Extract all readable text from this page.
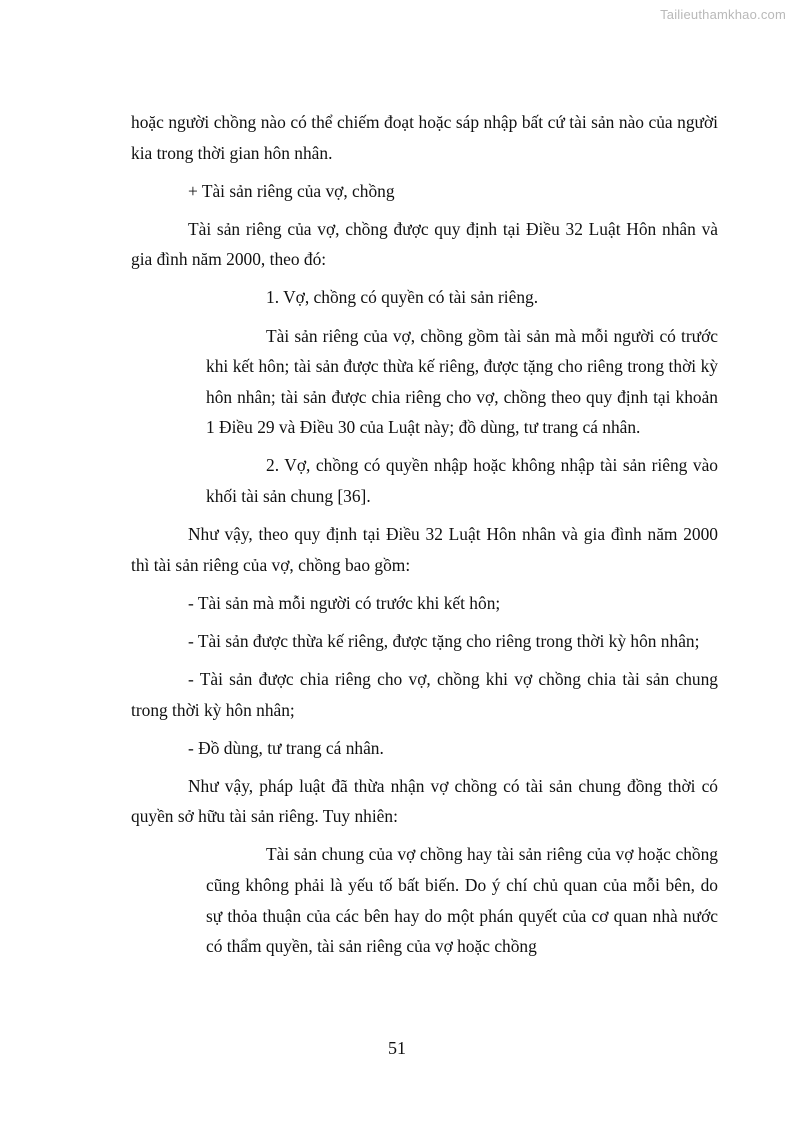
Tailieuthamkhao.com

hoặc người chồng nào có thể chiếm đoạt hoặc sáp nhập bất cứ tài sản nào của người kia trong thời gian hôn nhân.

+ Tài sản riêng của vợ, chồng

Tài sản riêng của vợ, chồng được quy định tại Điều 32 Luật Hôn nhân và gia đình năm 2000, theo đó:

1. Vợ, chồng có quyền có tài sản riêng.

Tài sản riêng của vợ, chồng gồm tài sản mà mỗi người có trước khi kết hôn; tài sản được thừa kế riêng, được tặng cho riêng trong thời kỳ hôn nhân; tài sản được chia riêng cho vợ, chồng theo quy định tại khoản 1 Điều 29 và Điều 30 của Luật này; đồ dùng, tư trang cá nhân.

2. Vợ, chồng có quyền nhập hoặc không nhập tài sản riêng vào khối tài sản chung [36].

Như vậy, theo quy định tại Điều 32 Luật Hôn nhân và gia đình năm 2000 thì tài sản riêng của vợ, chồng bao gồm:

- Tài sản mà mỗi người có trước khi kết hôn;

- Tài sản được thừa kế riêng, được tặng cho riêng trong thời kỳ hôn nhân;

- Tài sản được chia riêng cho vợ, chồng khi vợ chồng chia tài sản chung trong thời kỳ hôn nhân;

- Đồ dùng, tư trang cá nhân.

Như vậy, pháp luật đã thừa nhận vợ chồng có tài sản chung đồng thời có quyền sở hữu tài sản riêng. Tuy nhiên:

Tài sản chung của vợ chồng hay tài sản riêng của vợ hoặc chồng cũng không phải là yếu tố bất biến. Do ý chí chủ quan của mỗi bên, do sự thỏa thuận của các bên hay do một phán quyết của cơ quan nhà nước có thẩm quyền, tài sản riêng của vợ hoặc chồng

51
